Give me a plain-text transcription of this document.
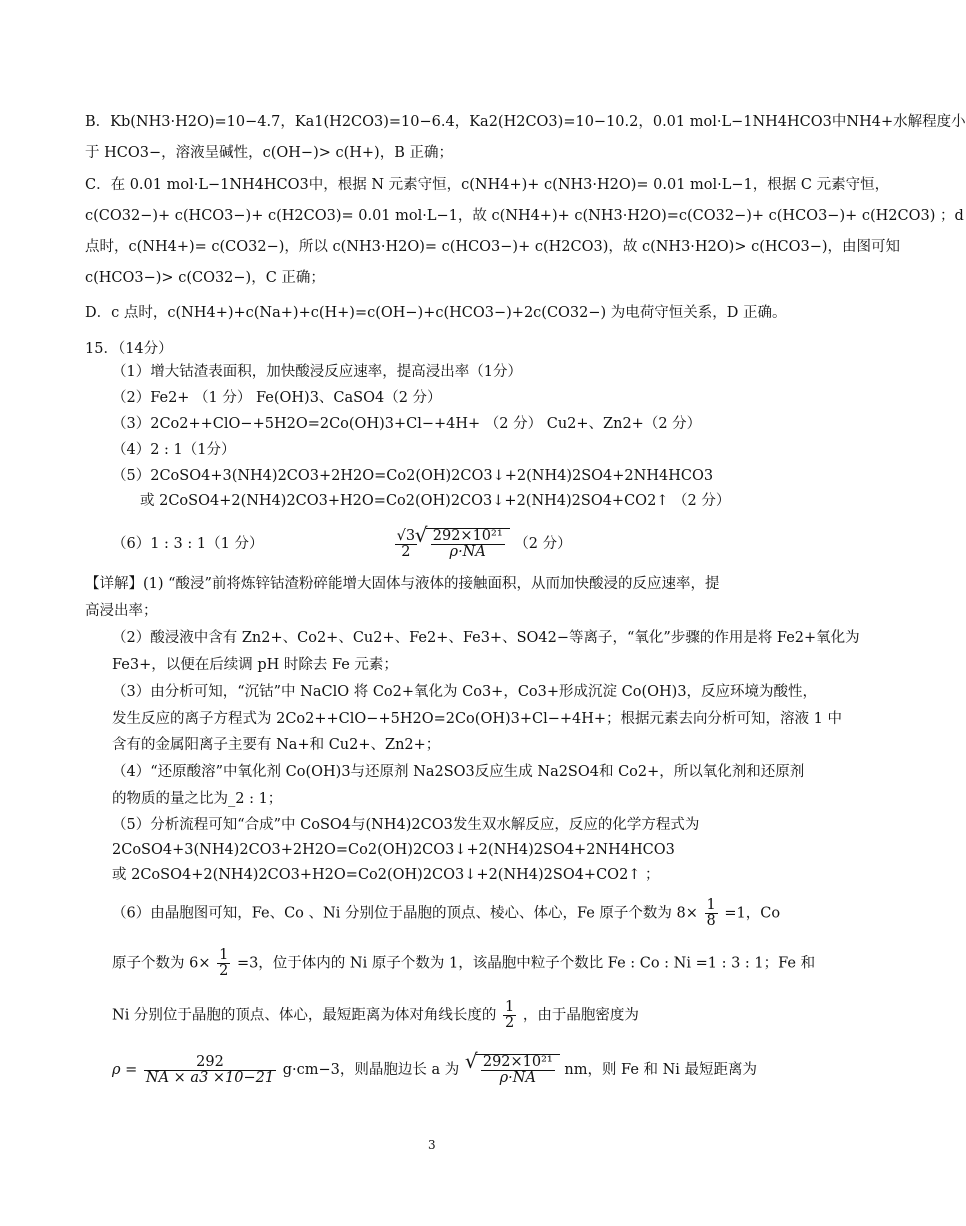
B．Kb(NH3·H2O)=10−4.7，Ka1(H2CO3)=10−6.4，Ka2(H2CO3)=10−10.2，0.01 mol·L−1NH4HCO3中NH4+水解程度小
于 HCO3−，溶液呈碱性，c(OH−)> c(H+)，B 正确；
C．在 0.01 mol·L−1NH4HCO3中，根据 N 元素守恒，c(NH4+)+ c(NH3·H2O)= 0.01 mol·L−1，根据 C 元素守恒，
c(CO32−)+ c(HCO3−)+ c(H2CO3)= 0.01 mol·L−1，故 c(NH4+)+ c(NH3·H2O)=c(CO32−)+ c(HCO3−)+ c(H2CO3) ；d
点时，c(NH4+)= c(CO32−)，所以 c(NH3·H2O)= c(HCO3−)+ c(H2CO3)，故 c(NH3·H2O)> c(HCO3−)，由图可知
c(HCO3−)> c(CO32−)，C 正确；
D．c 点时，c(NH4+)+c(Na+)+c(H+)=c(OH−)+c(HCO3−)+2c(CO32−) 为电荷守恒关系，D 正确。
15．（14分）
（1）增大钴渣表面积，加快酸浸反应速率，提高浸出率（1分）
（2）Fe2+ （1 分） Fe(OH)3、CaSO4（2 分）
（3）2Co2++ClO−+5H2O=2Co(OH)3+Cl−+4H+ （2 分） Cu2+、Zn2+（2 分）
（4）2 : 1（1分）
（5）2CoSO4+3(NH4)2CO3+2H2O=Co2(OH)2CO3↓+2(NH4)2SO4+2NH4HCO3
或 2CoSO4+2(NH4)2CO3+H2O=Co2(OH)2CO3↓+2(NH4)2SO4+CO2↑ （2 分）
（6）1 : 3 : 1（1 分）	$\frac{√3}{2}$
√ $\frac{\text{292×10²¹}}{\rho\cdot NA} (2$ 分）
【详解】(1) “酸浸”前将炼锌钴渣粉碎能增大固体与液体的接触面积，从而加快酸浸的反应速率，提
高浸出率；
（2）酸浸液中含有 Zn2+、Co2+、Cu2+、Fe2+、Fe3+、SO42−等离子，“氧化”步骤的作用是将 Fe2+氧化为
Fe3+，以便在后续调 pH 时除去 Fe 元素；
（3）由分析可知，“沉钴”中 NaClO 将 Co2+氧化为 Co3+，Co3+形成沉淀 Co(OH)3，反应环境为酸性，
发生反应的离子方程式为 2Co2++ClO−+5H2O=2Co(OH)3+Cl−+4H+；根据元素去向分析可知，溶液 1 中
含有的金属阳离子主要有 Na+和 Cu2+、Zn2+；
（4）“还原酸溶”中氧化剂 Co(OH)3与还原剂 Na2SO3反应生成 Na2SO4和 Co2+，所以氧化剂和还原剂
的物质的量之比为_2 : 1；
（5）分析流程可知“合成”中 CoSO4与(NH4)2CO3发生双水解反应，反应的化学方程式为
2CoSO4+3(NH4)2CO3+2H2O=Co2(OH)2CO3↓+2(NH4)2SO4+2NH4HCO3
或 2CoSO4+2(NH4)2CO3+H2O=Co2(OH)2CO3↓+2(NH4)2SO4+CO2↑ ；
（6）由晶胞图可知，Fe、Co 、Ni 分别位于晶胞的顶点、棱心、体心，Fe 原子个数为 $8\times \frac{1}{8} =1$，Co
原子个数为 $6\times \frac{1}{2} =3$，位于体内的 Ni 原子个数为 1，该晶胞中粒子个数比 Fe : Co : Ni =1 : 3 : 1；Fe 和
Ni 分别位于晶胞的顶点、体心，最短距离为体对角线长度的 $\frac{1}{2}$ ，由于晶胞密度为
$\rho = \frac{292}{NA \times a3 \times 10-21} g\cdot cm-3$，则晶胞边长 a 为 √ $\frac{\text{292×10²¹}}{\rho\cdot NA}$ nm，则 Fe 和 Ni 最短距离为
3
